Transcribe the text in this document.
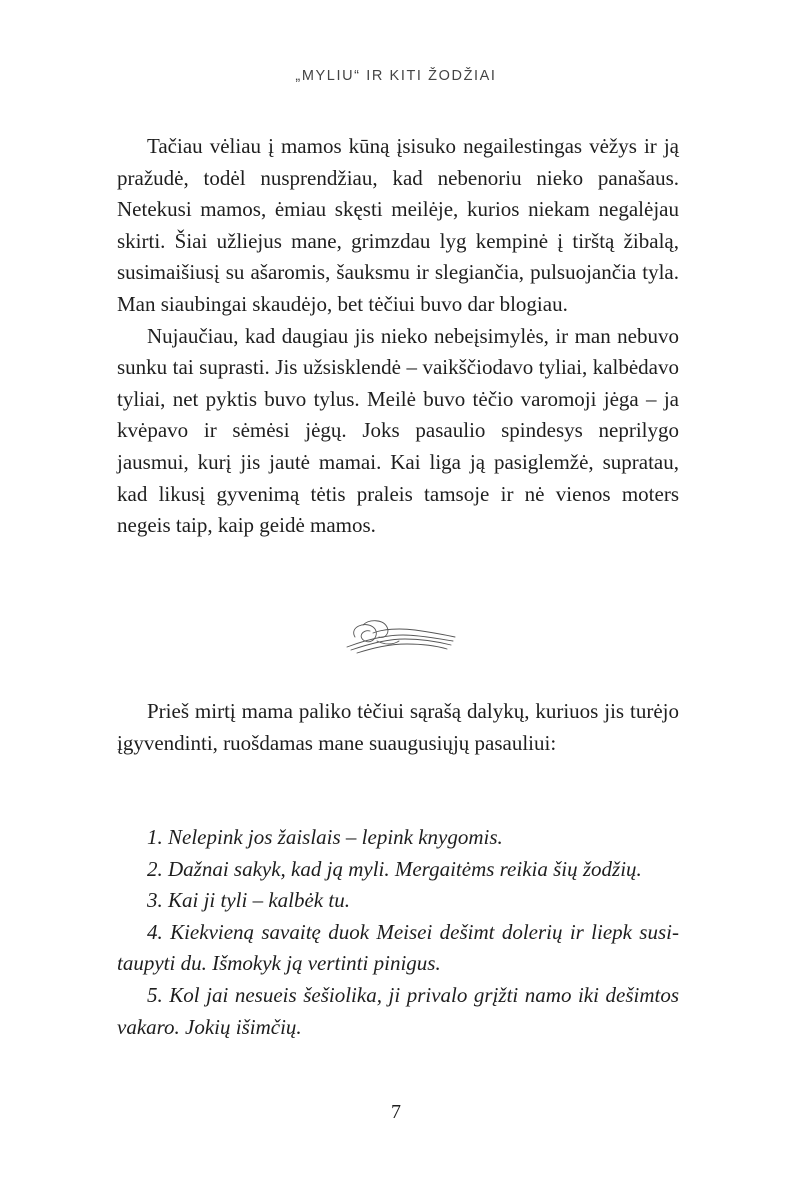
„MYLIU“ IR KITI ŽODŽIAI

Tačiau vėliau į mamos kūną įsisuko negailestingas vėžys ir ją pražudė, todėl nusprendžiau, kad nebenoriu nieko panašaus. Netekusi mamos, ėmiau skęsti meilėje, kurios niekam negalėjau skirti. Šiai užliejus mane, grimzdau lyg kempinė į tirštą žibalą, susimaišiusį su ašaromis, šauksmu ir slegiančia, pulsuojančia tyla. Man siaubingai skaudėjo, bet tėčiui buvo dar blogiau.

Nujaučiau, kad daugiau jis nieko nebeįsimylės, ir man nebuvo sunku tai suprasti. Jis užsisklendė – vaikščiodavo tyliai, kalbėdavo tyliai, net pyktis buvo tylus. Meilė buvo tėčio varomoji jėga – ja kvėpavo ir sėmėsi jėgų. Joks pasaulio spindesys neprilygo jausmui, kurį jis jautė mamai. Kai liga ją pasiglemžė, supratau, kad likusį gyvenimą tėtis praleis tamsoje ir nė vienos moters negeis taip, kaip geidė mamos.

Prieš mirtį mama paliko tėčiui sąrašą dalykų, kuriuos jis turėjo įgyvendinti, ruošdamas mane suaugusiųjų pasauliui:

1. Nelepink jos žaislais – lepink knygomis.

2. Dažnai sakyk, kad ją myli. Mergaitėms reikia šių žodžių.

3. Kai ji tyli – kalbėk tu.

4. Kiekvieną savaitę duok Meisei dešimt dolerių ir liepk susitaupyti du. Išmokyk ją vertinti pinigus.

5. Kol jai nesueis šešiolika, ji privalo grįžti namo iki dešimtos vakaro. Jokių išimčių.

7
